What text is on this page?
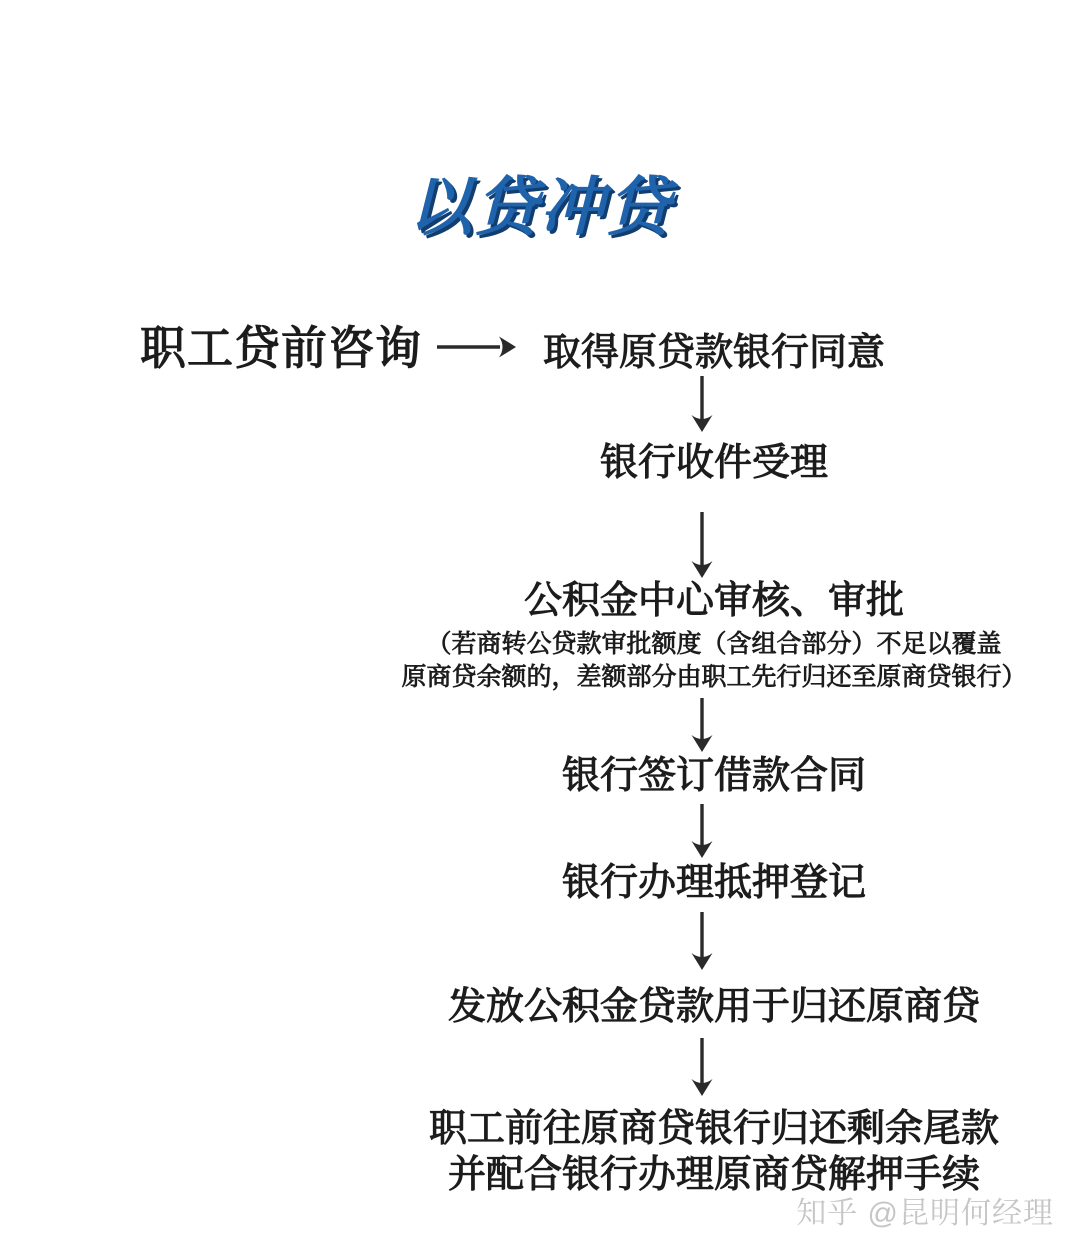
以贷冲贷
职工贷前咨询	取得原贷款银行同意
银行收件受理
公积金中心审核、审批
（若商转公贷款审批额度（含组合部分）不足以覆盖
原商贷余额的，差额部分由职工先行归还至原商贷银行）
银行签订借款合同
银行办理抵押登记
发放公积金贷款用于归还原商贷
职工前往原商贷银行归还剩余尾款
并配合银行办理原商贷解押手续
知乎 @昆明何经理
